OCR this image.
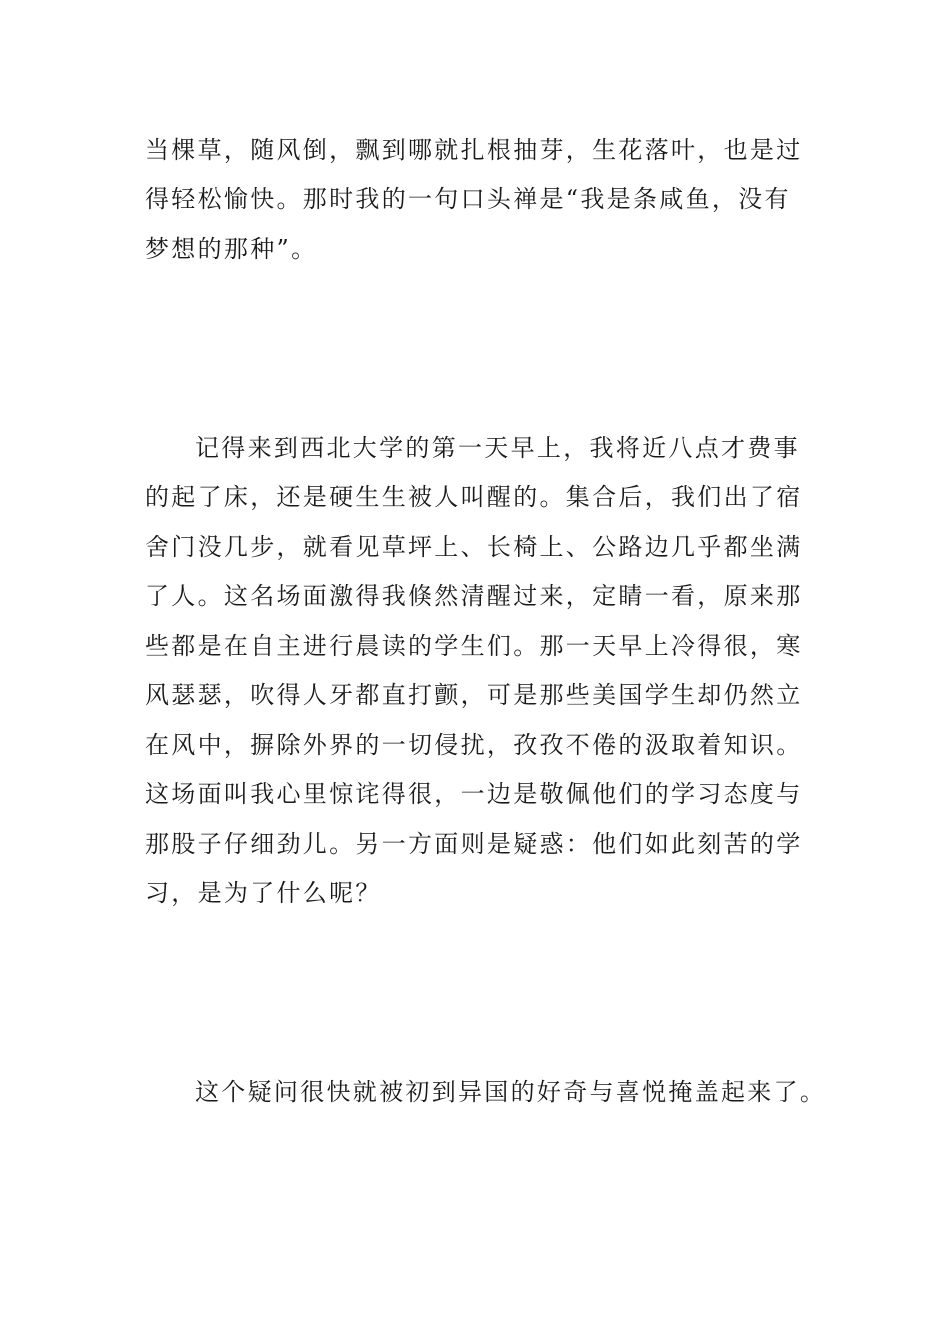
当棵草，随风倒，飘到哪就扎根抽芽，生花落叶，也是过
得轻松愉快。那时我的一句口头禅是“我是条咸鱼，没有
梦想的那种”。
记得来到西北大学的第一天早上，我将近八点才费事
的起了床，还是硬生生被人叫醒的。集合后，我们出了宿
舍门没几步，就看见草坪上、长椅上、公路边几乎都坐满
了人。这名场面激得我倏然清醒过来，定睛一看，原来那
些都是在自主进行晨读的学生们。那一天早上冷得很，寒
风瑟瑟，吹得人牙都直打颤，可是那些美国学生却仍然立
在风中，摒除外界的一切侵扰，孜孜不倦的汲取着知识。
这场面叫我心里惊诧得很，一边是敬佩他们的学习态度与
那股子仔细劲儿。另一方面则是疑惑：他们如此刻苦的学
习，是为了什么呢？
这个疑问很快就被初到异国的好奇与喜悦掩盖起来了。
